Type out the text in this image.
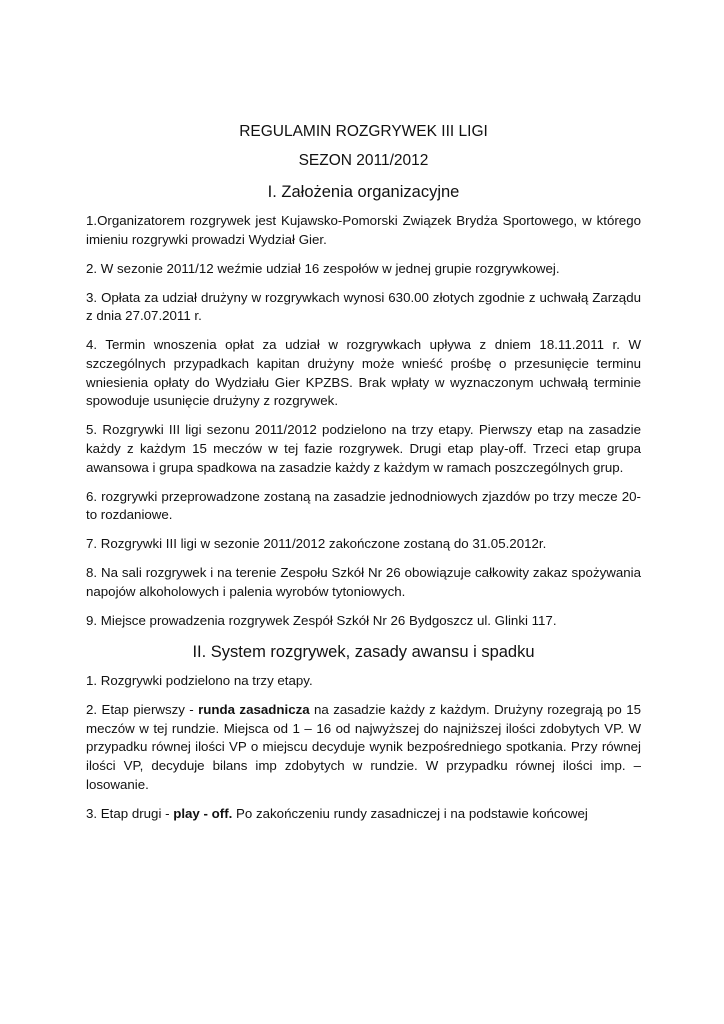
REGULAMIN ROZGRYWEK III LIGI
SEZON 2011/2012
I. Założenia organizacyjne

1.Organizatorem rozgrywek jest Kujawsko-Pomorski Związek Brydża Sportowego, w którego imieniu rozgrywki prowadzi Wydział Gier.

2. W sezonie 2011/12 weźmie udział 16 zespołów w jednej grupie rozgrywkowej.

3. Opłata za udział drużyny w rozgrywkach wynosi 630.00 złotych zgodnie z uchwałą Zarządu z dnia 27.07.2011 r.

4. Termin wnoszenia opłat za udział w rozgrywkach upływa z dniem 18.11.2011 r. W szczególnych przypadkach kapitan drużyny może wnieść prośbę o przesunięcie terminu wniesienia opłaty do Wydziału Gier KPZBS. Brak wpłaty w wyznaczonym uchwałą terminie spowoduje usunięcie drużyny z rozgrywek.

5. Rozgrywki III ligi sezonu 2011/2012 podzielono na trzy etapy. Pierwszy etap na zasadzie każdy z każdym 15 meczów w tej fazie rozgrywek. Drugi etap play-off. Trzeci etap grupa awansowa i grupa spadkowa na zasadzie każdy z każdym w ramach poszczególnych grup.

6. rozgrywki przeprowadzone zostaną na zasadzie jednodniowych zjazdów po trzy mecze 20-to rozdaniowe.

7. Rozgrywki III ligi w sezonie 2011/2012 zakończone zostaną do 31.05.2012r.

8. Na sali rozgrywek i na terenie Zespołu Szkół Nr 26 obowiązuje całkowity zakaz spożywania napojów alkoholowych i palenia wyrobów tytoniowych.

9. Miejsce prowadzenia rozgrywek Zespół Szkół Nr 26 Bydgoszcz ul. Glinki 117.

II. System rozgrywek, zasady awansu i spadku

1. Rozgrywki podzielono na trzy etapy.

2. Etap pierwszy - runda zasadnicza na zasadzie każdy z każdym. Drużyny rozegrają po 15 meczów w tej rundzie. Miejsca od 1 – 16 od najwyższej do najniższej ilości zdobytych VP. W przypadku równej ilości VP o miejscu decyduje wynik bezpośredniego spotkania. Przy równej ilości VP, decyduje bilans imp zdobytych w rundzie. W przypadku równej ilości imp. – losowanie.

3. Etap drugi - play - off. Po zakończeniu rundy zasadniczej i na podstawie końcowej
